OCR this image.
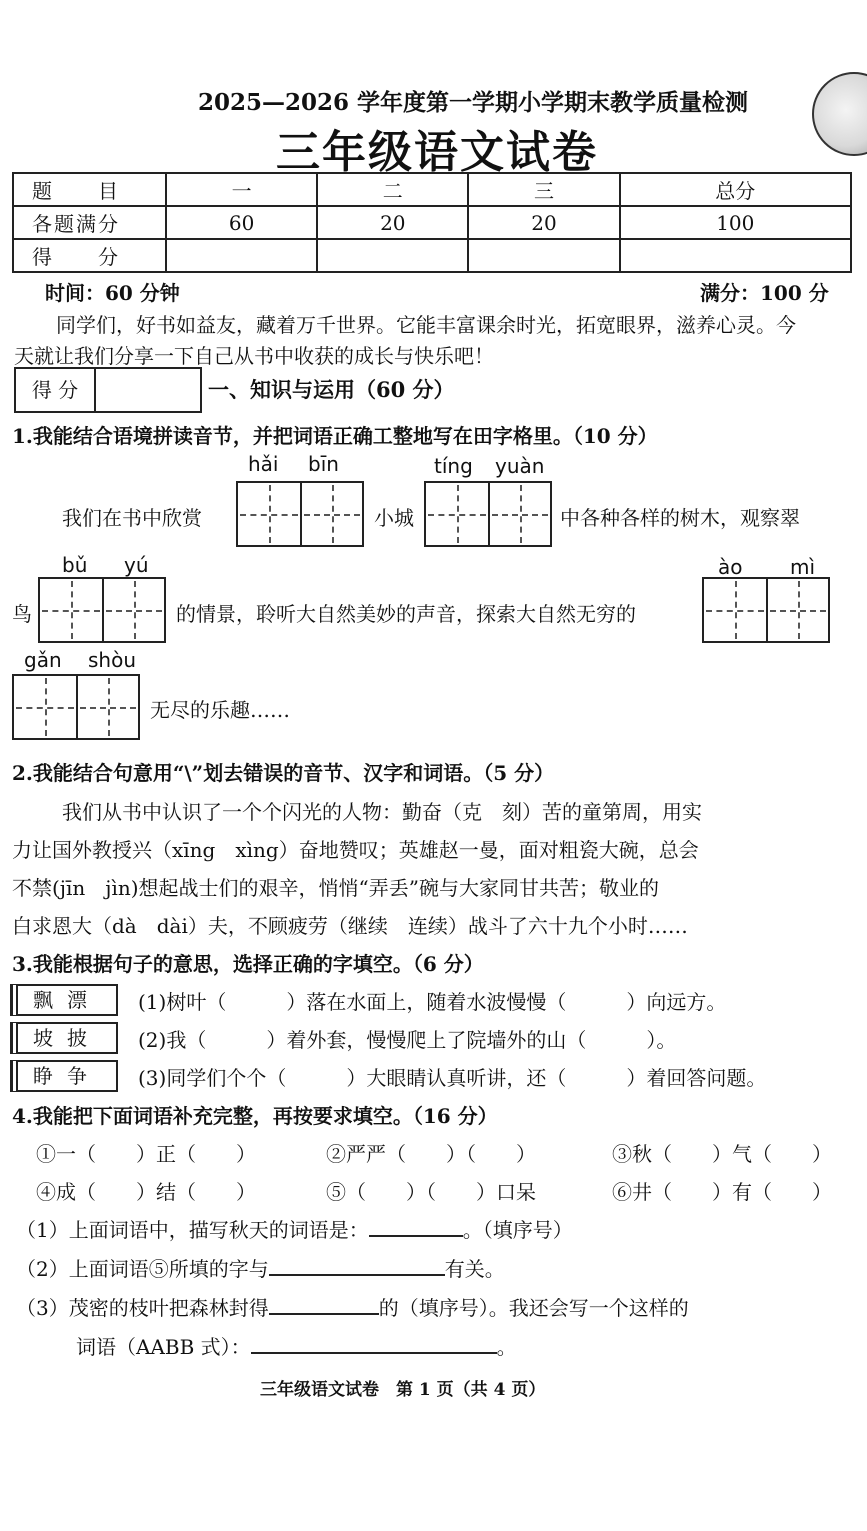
2025—2026 学年度第一学期小学期末教学质量检测
三年级语文试卷
题　　目	一	二	三	总分
各题满分	60	20	20	100
得　　分				
时间：60 分钟	满分：100 分
同学们，好书如益友，藏着万千世界。它能丰富课余时光，拓宽眼界，滋养心灵。今
天就让我们分享一下自己从书中收获的成长与快乐吧！
得 分	一、知识与运用（60 分）
1.我能结合语境拼读音节，并把词语正确工整地写在田字格里。（10 分）
hǎi bīn	tíng yuàn
我们在书中欣赏	小城	中各种各样的树木，观察翠
bǔ yú	ào mì
鸟	的情景，聆听大自然美妙的声音，探索大自然无穷的
gǎn shòu
无尽的乐趣……
2.我能结合句意用“\”划去错误的音节、汉字和词语。（5 分）
我们从书中认识了一个个闪光的人物：勤奋（克　刻）苦的童第周，用实
力让国外教授兴（xīng　xìng）奋地赞叹；英雄赵一曼，面对粗瓷大碗，总会
不禁(jīn　jìn)想起战士们的艰辛，悄悄“弄丢”碗与大家同甘共苦；敬业的
白求恩大（dà　dài）夫，不顾疲劳（继续　连续）战斗了六十九个小时……
3.我能根据句子的意思，选择正确的字填空。（6 分）
飘漂	(1)树叶（　　　）落在水面上，随着水波慢慢（　　　）向远方。
坡披	(2)我（　　　）着外套，慢慢爬上了院墙外的山（　　　）。
睁争	(3)同学们个个（　　　）大眼睛认真听讲，还（　　　）着回答问题。
4.我能把下面词语补充完整，再按要求填空。（16 分）
①一（　　）正（　　）	②严严（　　）（　　）	③秋（　　）气（　　）
④成（　　）结（　　）	⑤（　　）（　　）口呆	⑥井（　　）有（　　）
（1）上面词语中，描写秋天的词语是：	。（填序号）
（2）上面词语⑤所填的字与	有关。
（3）茂密的枝叶把森林封得	的（填序号）。我还会写一个这样的
词语（AABB 式）：	。
三年级语文试卷　第 1 页（共 4 页）
